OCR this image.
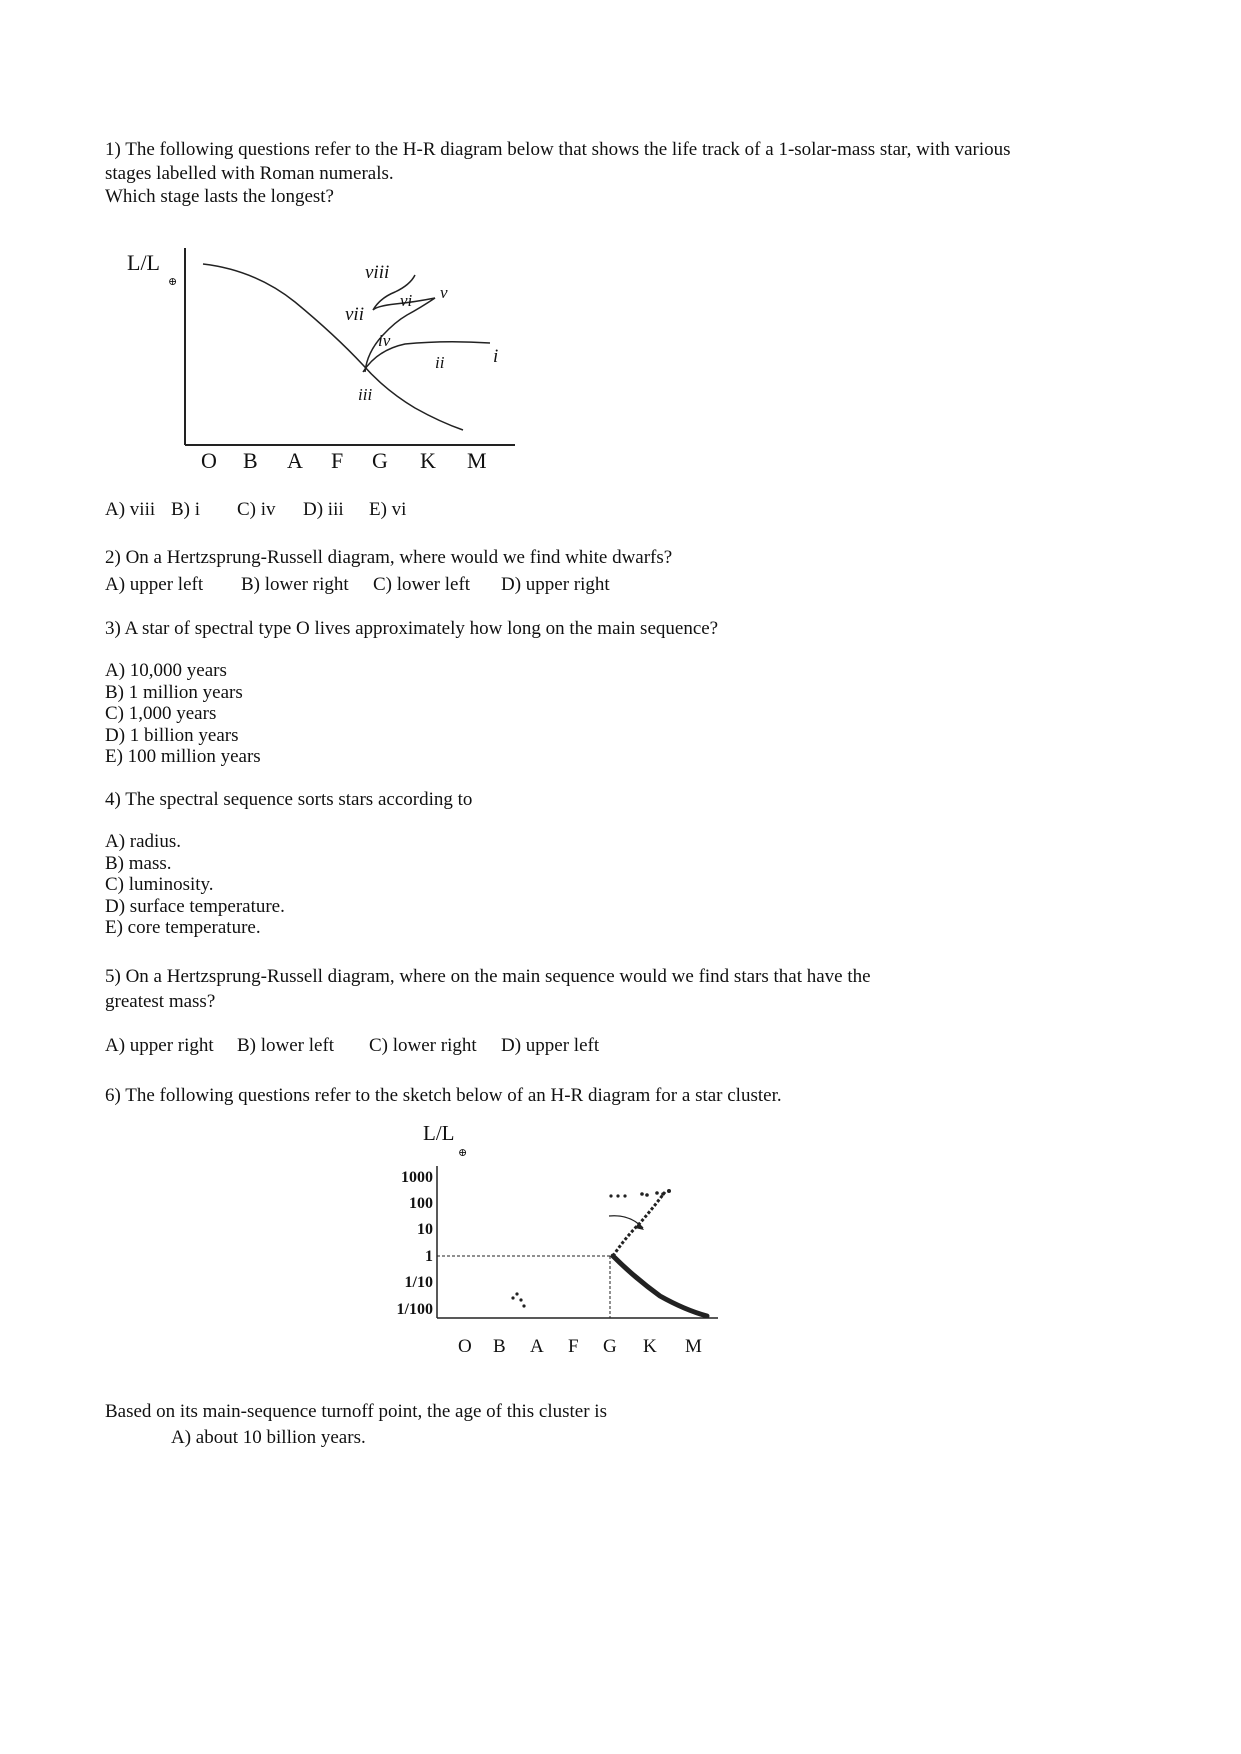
1) The following questions refer to the H-R diagram below that shows the life track of a 1-solar-mass star, with various

stages labelled with Roman numerals.

Which stage lasts the longest?

L/L
⊕	viii
vii
vi v
iv
iii
ii	i
O B A F G K M
A) viii B) i C) iv D) iii E) vi

2) On a Hertzsprung-Russell diagram, where would we find white dwarfs?

A) upper left B) lower right C) lower left D) upper right

3) A star of spectral type O lives approximately how long on the main sequence?

A) 10,000 years
B) 1 million years
C) 1,000 years
D) 1 billion years
E) 100 million years

4) The spectral sequence sorts stars according to

A) radius.
B) mass.
C) luminosity.
D) surface temperature.
E) core temperature.

5) On a Hertzsprung-Russell diagram, where on the main sequence would we find stars that have the

greatest mass?

A) upper right B) lower left C) lower right D) upper left

6) The following questions refer to the sketch below of an H-R diagram for a star cluster.

L/L
⊕
1000
100
10
1
1/10
1/100
O B A F G K M

Based on its main-sequence turnoff point, the age of this cluster is

A) about 10 billion years.
